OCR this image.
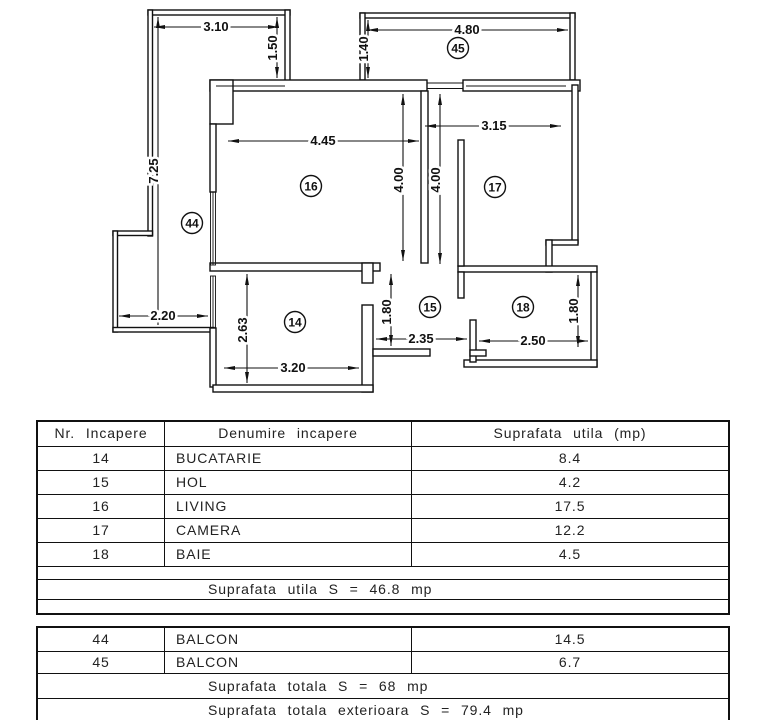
3.10
1.50
7.25
2.20
4.80
1.40
4.45
4.00 4.00
3.15
2.63
3.20
1.80
2.35	2.50
1.80
16	17
44
45
14
15	18
Nr. Incapere	Denumire incapere	Suprafata utila (mp)
14	BUCATARIE	8.4
15	HOL	4.2
16	LIVING	17.5
17	CAMERA	12.2
18	BAIE	4.5
Suprafata utila S = 46.8 mp
44	BALCON	14.5
45	BALCON	6.7
Suprafata totala S = 68 mp
Suprafata totala exterioara S = 79.4 mp
